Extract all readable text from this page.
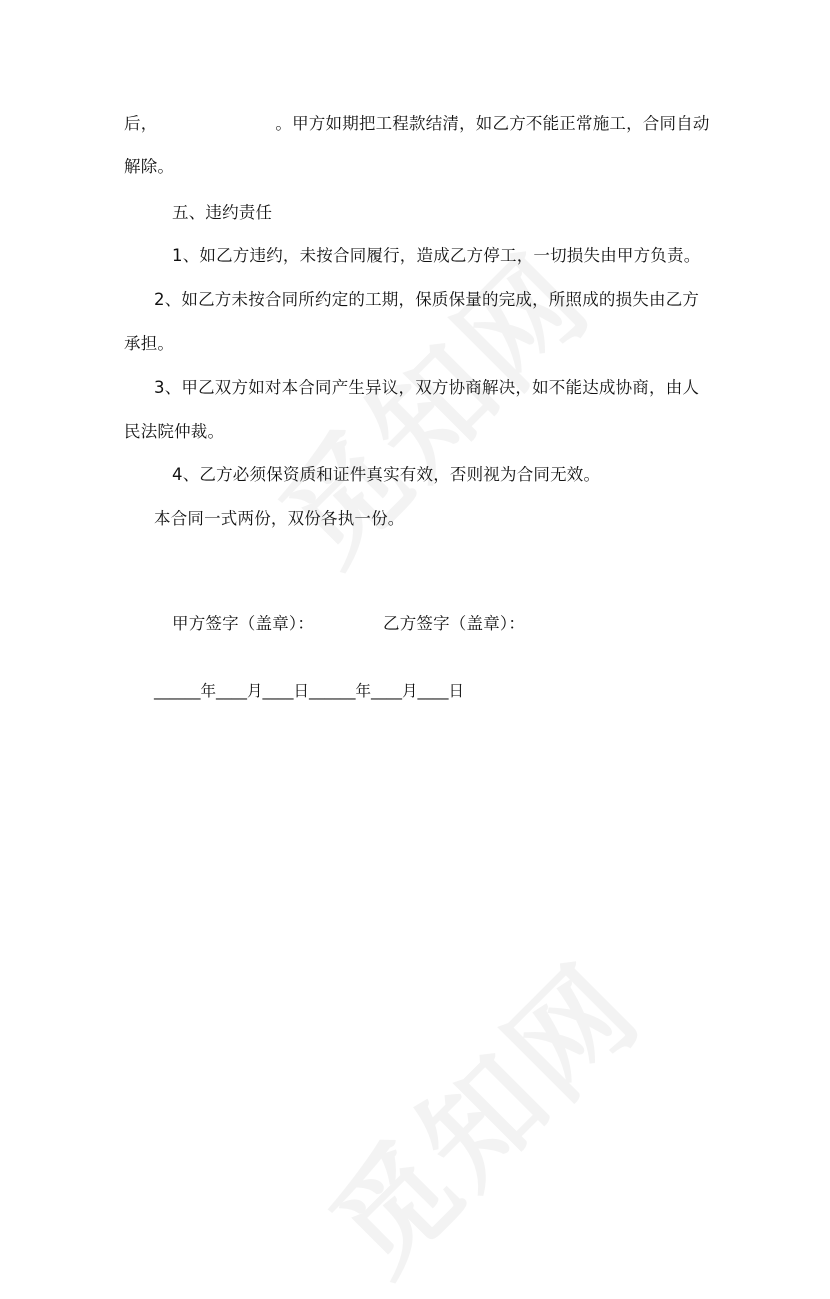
后，	。甲方如期把工程款结清，如乙方不能正常施工，合同自动
解除。
五、违约责任
1、如乙方违约，未按合同履行，造成乙方停工，一切损失由甲方负责。
2、如乙方未按合同所约定的工期，保质保量的完成，所照成的损失由乙方
承担。
3、甲乙双方如对本合同产生异议，双方协商解决，如不能达成协商，由人
民法院仲裁。
4、乙方必须保资质和证件真实有效，否则视为合同无效。
本合同一式两份，双份各执一份。
甲方签字（盖章）：	乙方签字（盖章）：
______年____月____日______年____月____日
